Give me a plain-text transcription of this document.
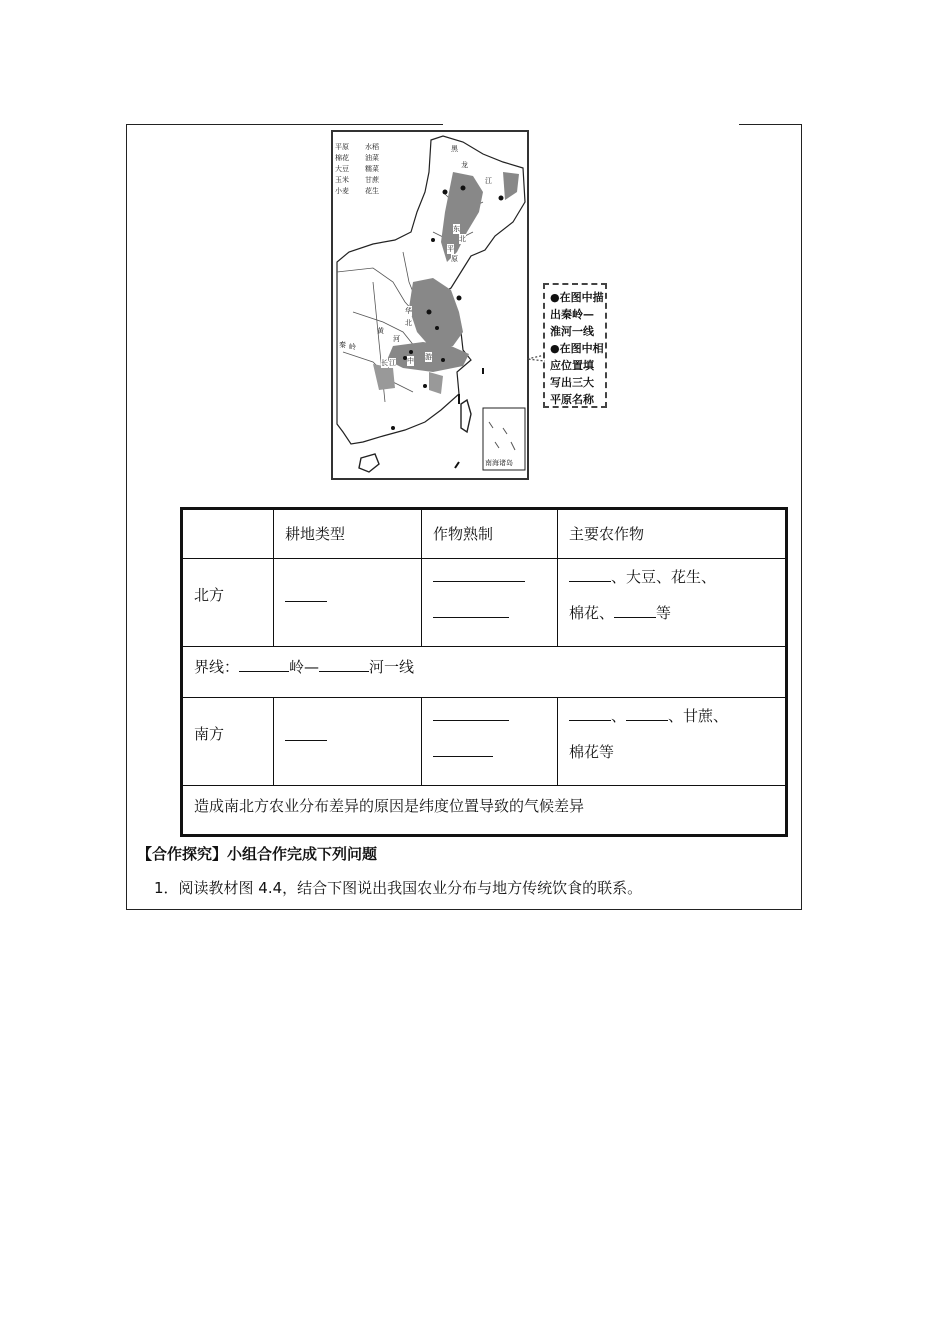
平原	水稻
棉花	油菜
大豆	糯菜
玉米	甘蔗
小麦	花生
黑
龙
江
东
北
平
原
华
北
黄
河
长 江 中 游
秦 岭
南海诸岛
●在图中描
出秦岭—
淮河一线
●在图中相
应位置填
写出三大
平原名称
	耕地类型	作物熟制	主要农作物
北方			、大豆、花生、
棉花、 等
界线： 岭— 河一线			
南方			、 、甘蔗、
棉花等
造成南北方农业分布差异的原因是纬度位置导致的气候差异			
【合作探究】小组合作完成下列问题
1．阅读教材图 4.4，结合下图说出我国农业分布与地方传统饮食的联系。
